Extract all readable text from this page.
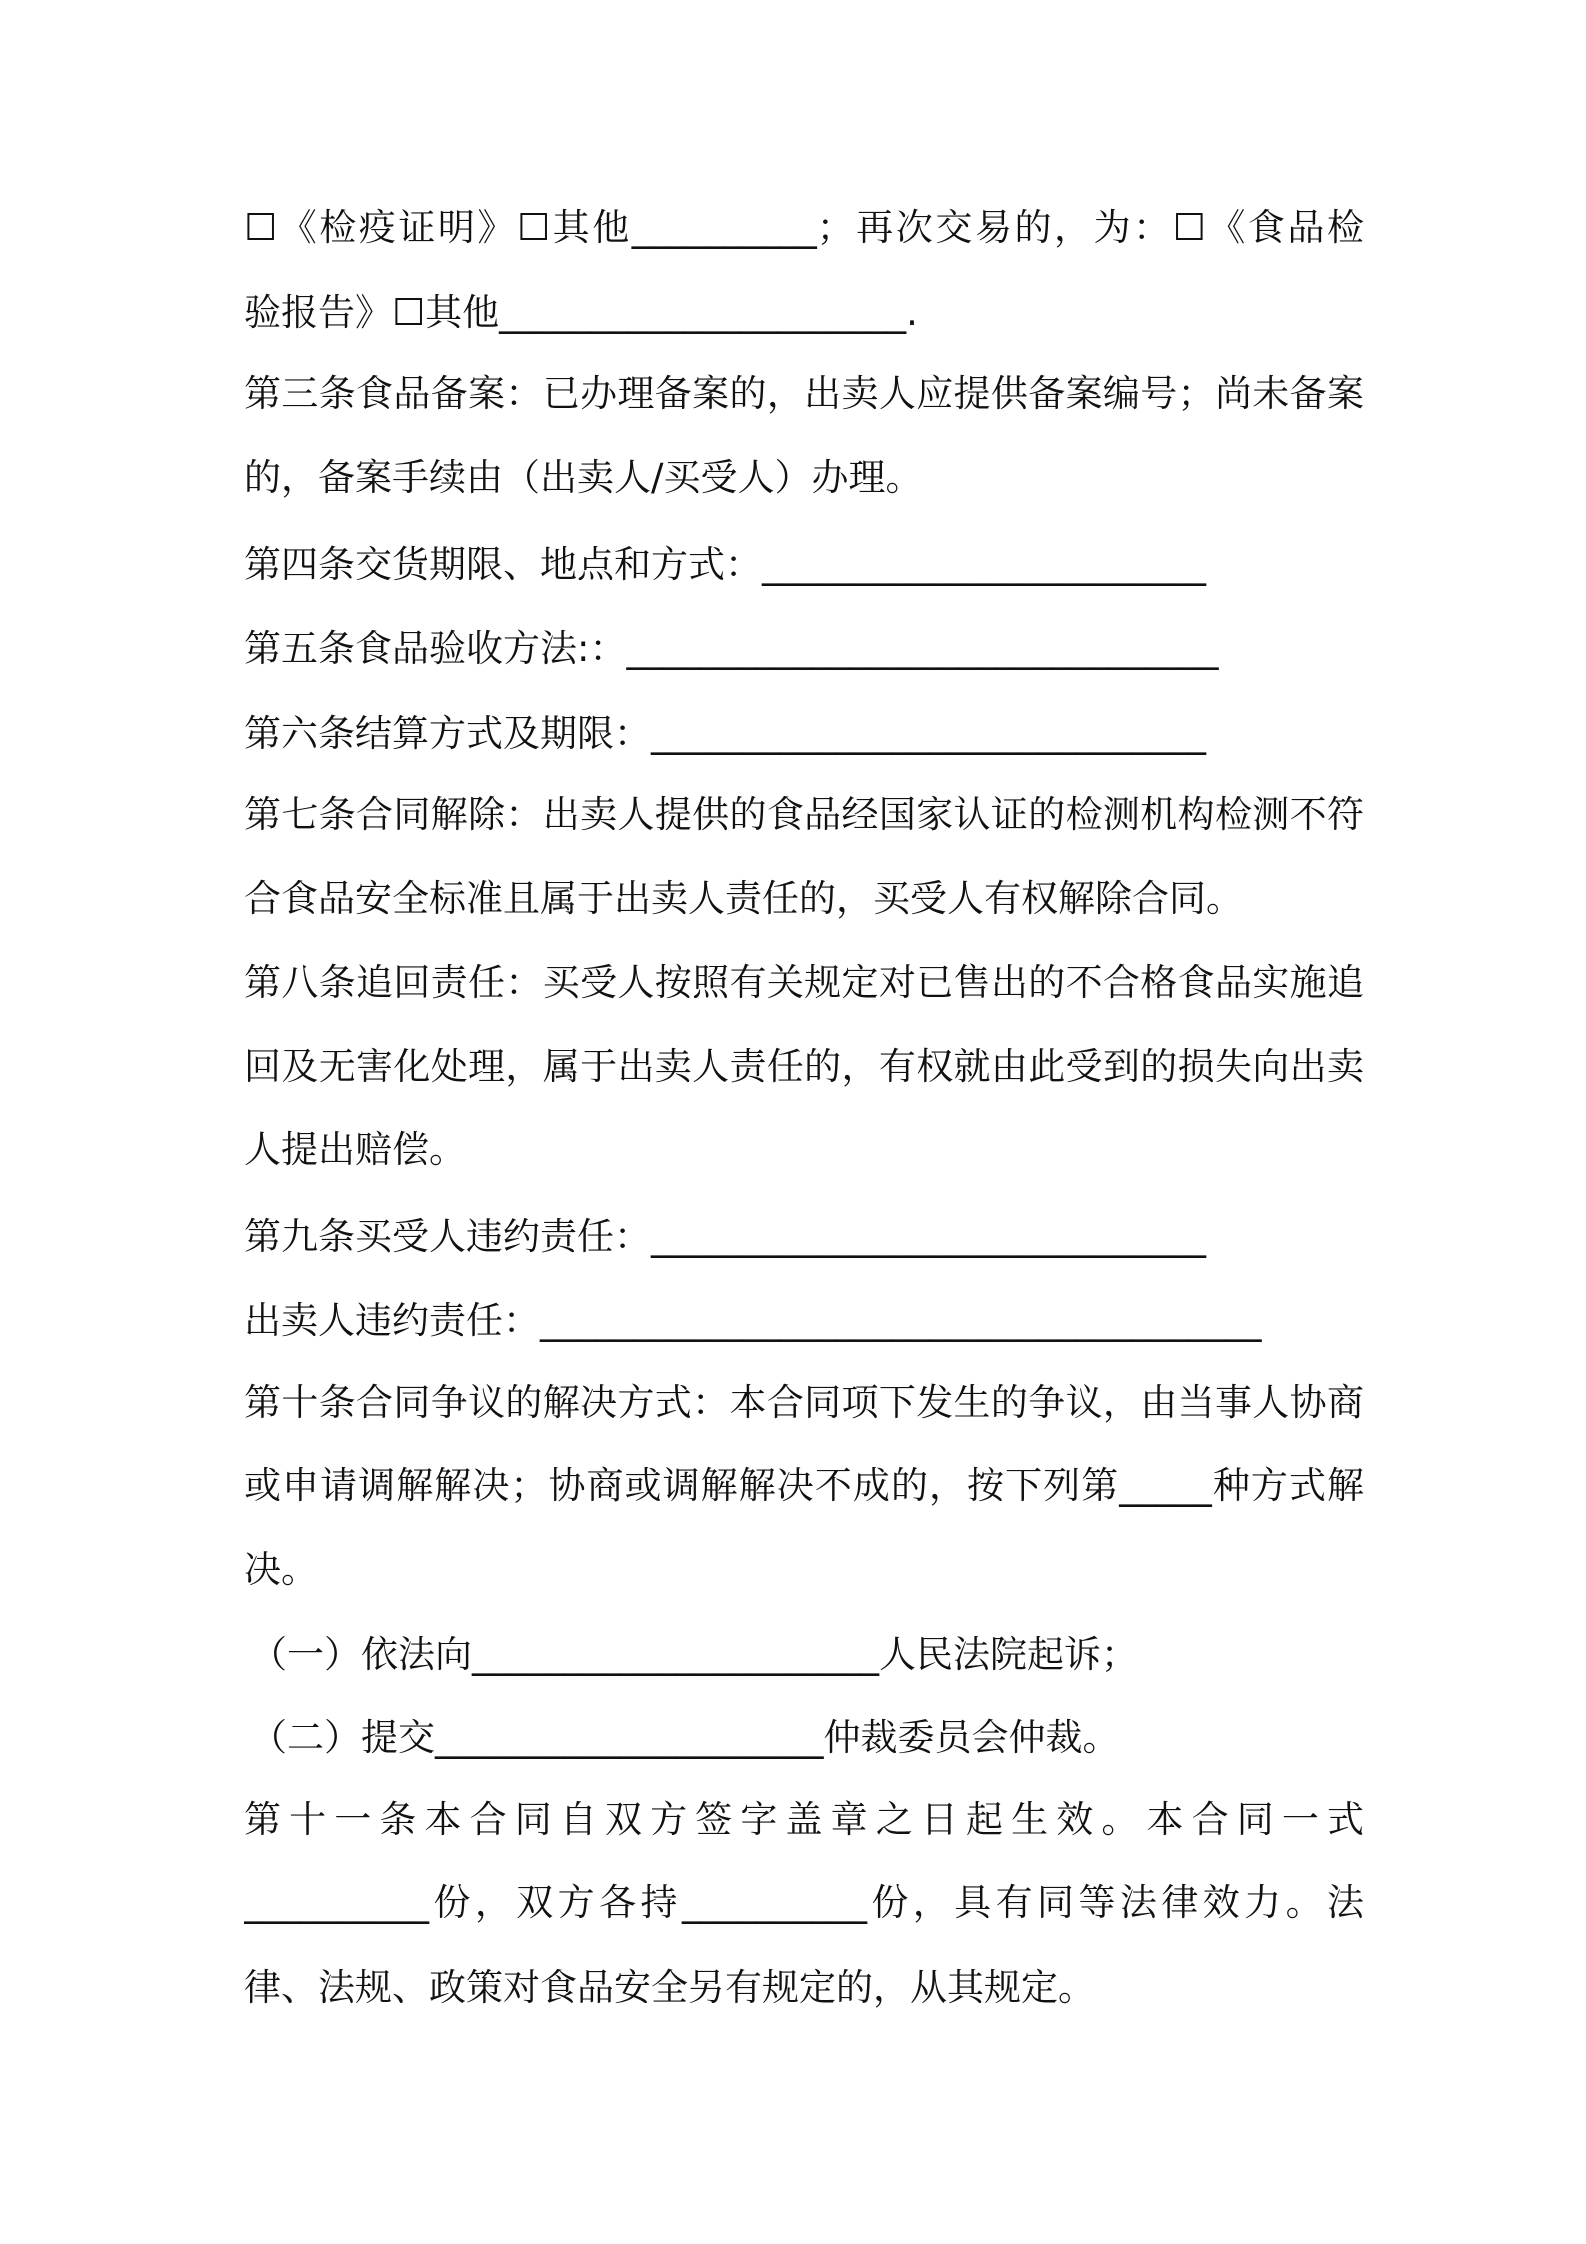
☐《检疫证明》☐其他__________；再次交易的，为：☐《食品检
验报告》☐其他______________________.
第三条食品备案：已办理备案的，出卖人应提供备案编号；尚未备案
的，备案手续由（出卖人/买受人）办理。
第四条交货期限、地点和方式：________________________
第五条食品验收方法:：________________________________
第六条结算方式及期限：______________________________
第七条合同解除：出卖人提供的食品经国家认证的检测机构检测不符
合食品安全标准且属于出卖人责任的，买受人有权解除合同。
第八条追回责任：买受人按照有关规定对已售出的不合格食品实施追
回及无害化处理，属于出卖人责任的，有权就由此受到的损失向出卖
人提出赔偿。
第九条买受人违约责任：______________________________
出卖人违约责任：_______________________________________
第十条合同争议的解决方式：本合同项下发生的争议，由当事人协商
或申请调解解决；协商或调解解决不成的，按下列第_____种方式解
决。
（一）依法向______________________人民法院起诉；
（二）提交_____________________仲裁委员会仲裁。
第十一条本合同自双方签字盖章之日起生效。本合同一式
__________份，双方各持__________份，具有同等法律效力。法
律、法规、政策对食品安全另有规定的，从其规定。
